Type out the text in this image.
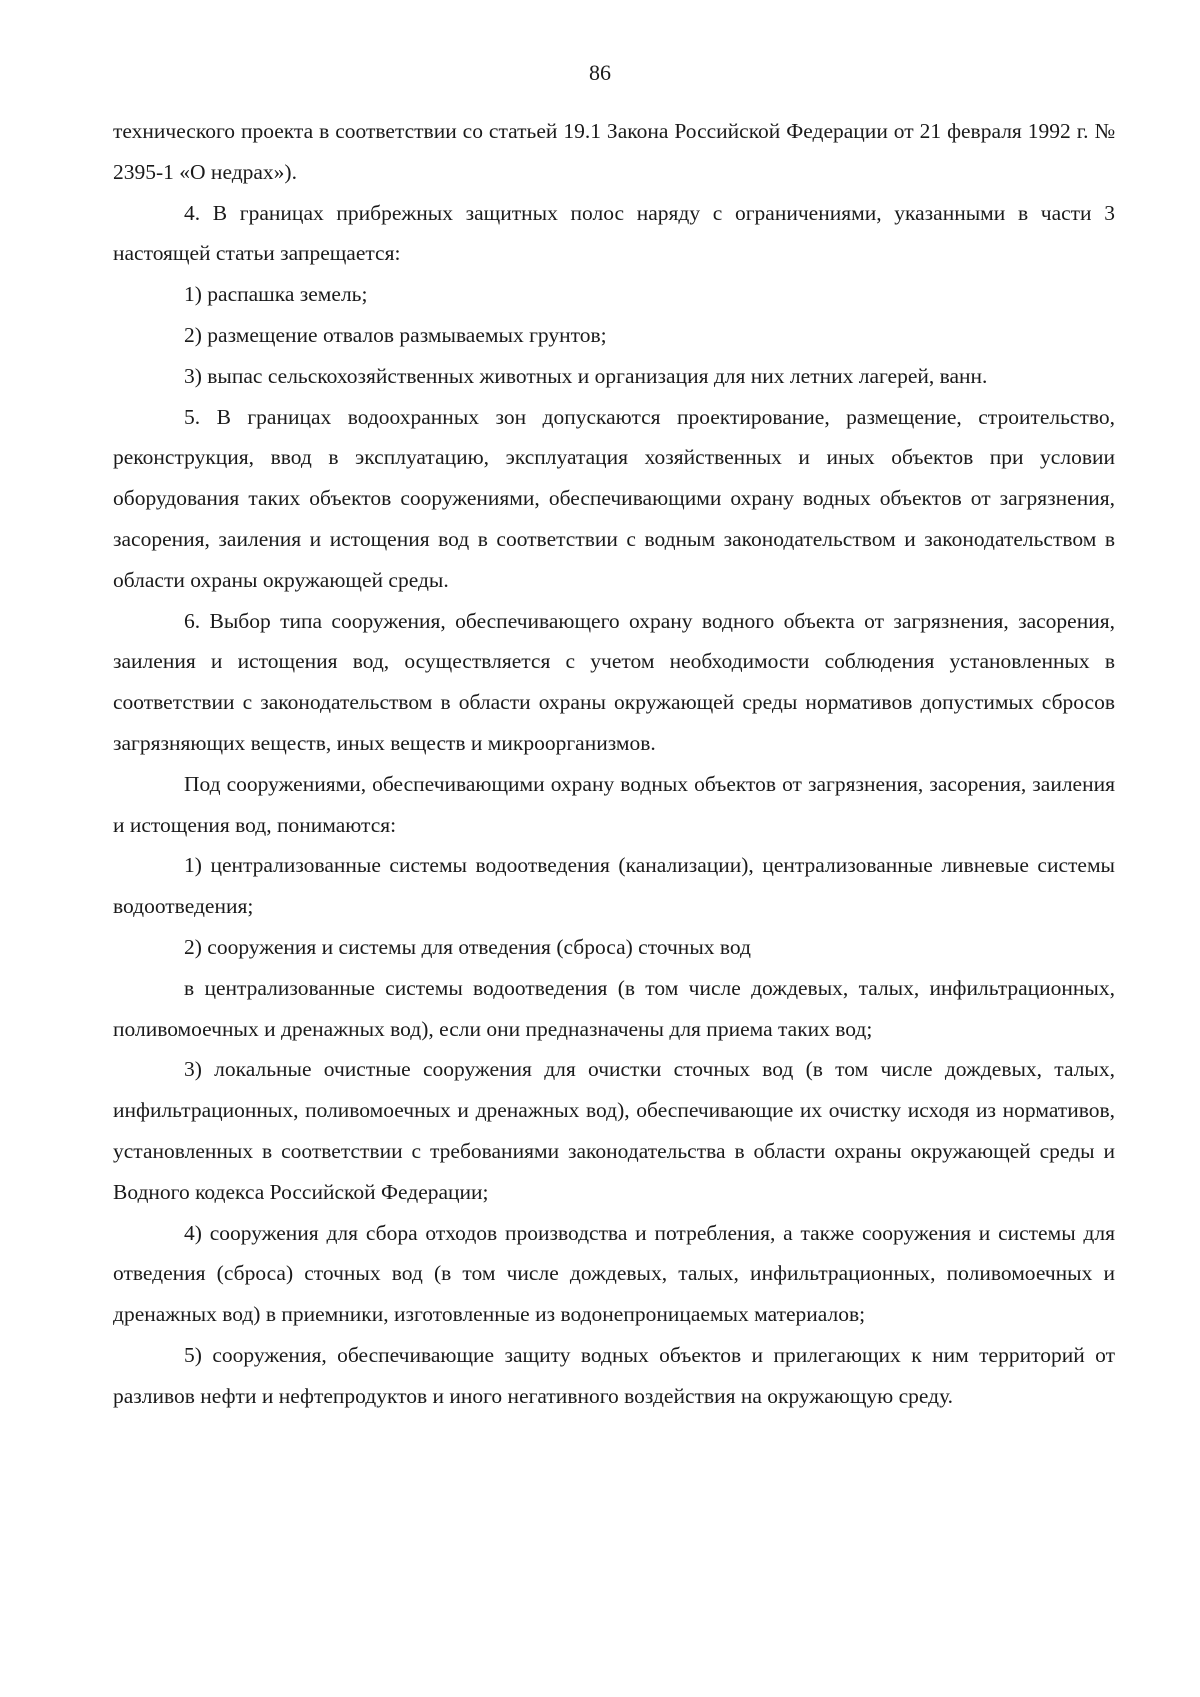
86

технического проекта в соответствии со статьей 19.1 Закона Российской Федерации от 21 февраля 1992 г. № 2395-1 «О недрах»).

4. В границах прибрежных защитных полос наряду с ограничениями, указанными в части 3 настоящей статьи запрещается:

1) распашка земель;

2) размещение отвалов размываемых грунтов;

3) выпас сельскохозяйственных животных и организация для них летних лагерей, ванн.

5. В границах водоохранных зон допускаются проектирование, размещение, строительство, реконструкция, ввод в эксплуатацию, эксплуатация хозяйственных и иных объектов при условии оборудования таких объектов сооружениями, обеспечивающими охрану водных объектов от загрязнения, засорения, заиления и истощения вод в соответствии с водным законодательством и законодательством в области охраны окружающей среды.

6. Выбор типа сооружения, обеспечивающего охрану водного объекта от загрязнения, засорения, заиления и истощения вод, осуществляется с учетом необходимости соблюдения установленных в соответствии с законодательством в области охраны окружающей среды нормативов допустимых сбросов загрязняющих веществ, иных веществ и микроорганизмов.

Под сооружениями, обеспечивающими охрану водных объектов от загрязнения, засорения, заиления и истощения вод, понимаются:

1) централизованные системы водоотведения (канализации), централизованные ливневые системы водоотведения;

2) сооружения и системы для отведения (сброса) сточных вод

в централизованные системы водоотведения (в том числе дождевых, талых, инфильтрационных, поливомоечных и дренажных вод), если они предназначены для приема таких вод;

3) локальные очистные сооружения для очистки сточных вод (в том числе дождевых, талых, инфильтрационных, поливомоечных и дренажных вод), обеспечивающие их очистку исходя из нормативов, установленных в соответствии с требованиями законодательства в области охраны окружающей среды и Водного кодекса Российской Федерации;

4) сооружения для сбора отходов производства и потребления, а также сооружения и системы для отведения (сброса) сточных вод (в том числе дождевых, талых, инфильтрационных, поливомоечных и дренажных вод) в приемники, изготовленные из водонепроницаемых материалов;

5) сооружения, обеспечивающие защиту водных объектов и прилегающих к ним территорий от разливов нефти и нефтепродуктов и иного негативного воздействия на окружающую среду.
